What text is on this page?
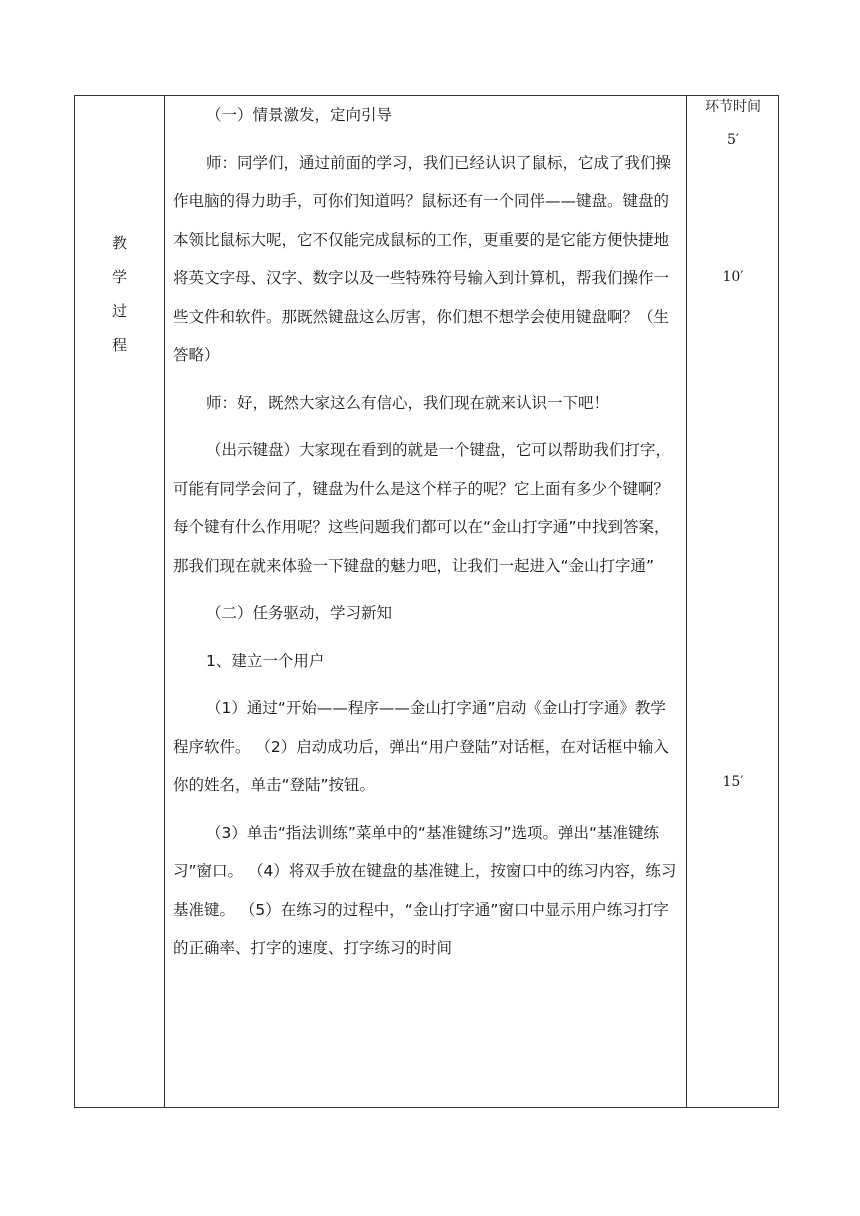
教
学
过
程

（一）情景激发，定向引导

师：同学们，通过前面的学习，我们已经认识了鼠标，它成了我们操作电脑的得力助手，可你们知道吗？鼠标还有一个同伴——键盘。键盘的本领比鼠标大呢，它不仅能完成鼠标的工作，更重要的是它能方便快捷地将英文字母、汉字、数字以及一些特殊符号输入到计算机，帮我们操作一些文件和软件。那既然键盘这么厉害，你们想不想学会使用键盘啊？（生答略）

师：好，既然大家这么有信心，我们现在就来认识一下吧！

（出示键盘）大家现在看到的就是一个键盘，它可以帮助我们打字，可能有同学会问了，键盘为什么是这个样子的呢？它上面有多少个键啊？每个键有什么作用呢？这些问题我们都可以在“金山打字通”中找到答案，那我们现在就来体验一下键盘的魅力吧，让我们一起进入“金山打字通”

（二）任务驱动，学习新知

1、建立一个用户

（1）通过“开始——程序——金山打字通”启动《金山打字通》教学程序软件。 （2）启动成功后，弹出“用户登陆”对话框，在对话框中输入你的姓名，单击“登陆”按钮。

（3）单击“指法训练”菜单中的“基准键练习”选项。弹出“基准键练习”窗口。 （4）将双手放在键盘的基准键上，按窗口中的练习内容，练习基准键。 （5）在练习的过程中，“金山打字通”窗口中显示用户练习打字的正确率、打字的速度、打字练习的时间

环节时间
5′
10′
15′
